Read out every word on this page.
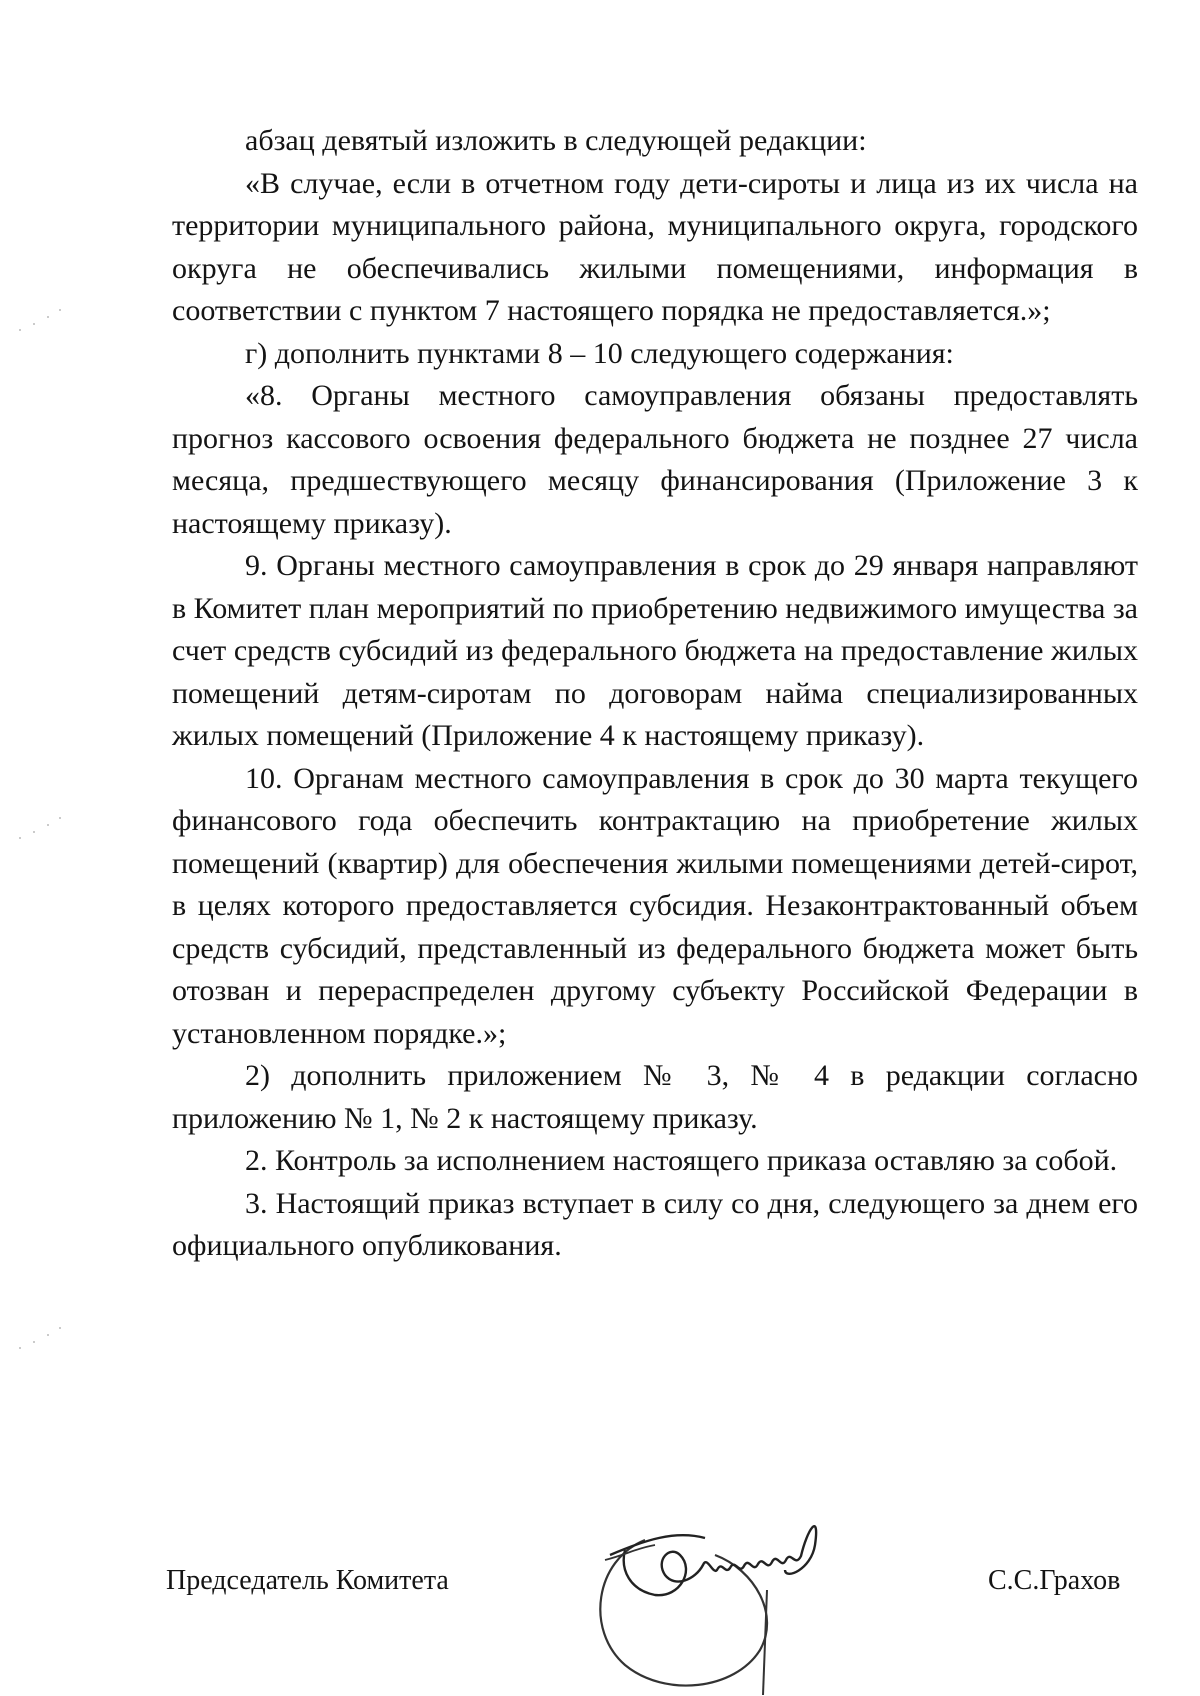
абзац девятый изложить в следующей редакции:

«В случае, если в отчетном году дети-сироты и лица из их числа на территории муниципального района, муниципального округа, городского округа не обеспечивались жилыми помещениями, информация в соответствии с пунктом 7 настоящего порядка не предоставляется.»;

г) дополнить пунктами 8 – 10 следующего содержания:

«8. Органы местного самоуправления обязаны предоставлять прогноз кассового освоения федерального бюджета не позднее 27 числа месяца, предшествующего месяцу финансирования (Приложение 3 к настоящему приказу).

9. Органы местного самоуправления в срок до 29 января направляют в Комитет план мероприятий по приобретению недвижимого имущества за счет средств субсидий из федерального бюджета на предоставление жилых помещений детям-сиротам по договорам найма специализированных жилых помещений (Приложение 4 к настоящему приказу).

10. Органам местного самоуправления в срок до 30 марта текущего финансового года обеспечить контрактацию на приобретение жилых помещений (квартир) для обеспечения жилыми помещениями детей-сирот, в целях которого предоставляется субсидия. Незаконтрактованный объем средств субсидий, представленный из федерального бюджета может быть отозван и перераспределен другому субъекту Российской Федерации в установленном порядке.»;

2) дополнить приложением № 3, № 4 в редакции согласно приложению № 1, № 2 к настоящему приказу.

2. Контроль за исполнением настоящего приказа оставляю за собой.

3. Настоящий приказ вступает в силу со дня, следующего за днем его официального опубликования.

Председатель Комитета	С.С.Грахов
